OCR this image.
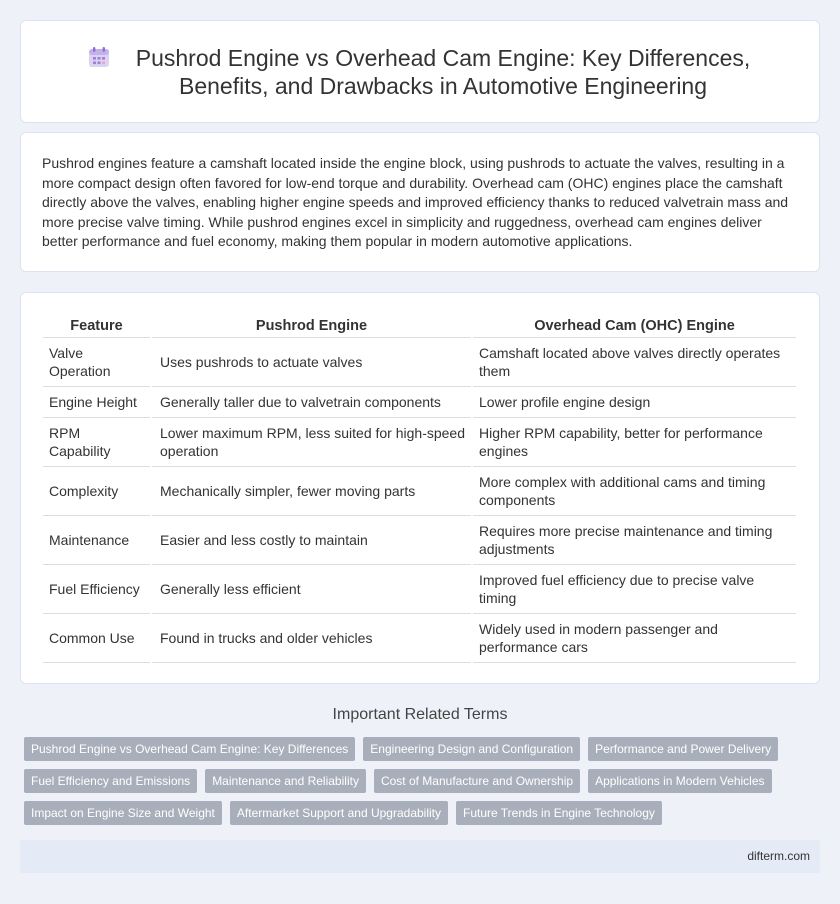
Pushrod Engine vs Overhead Cam Engine: Key Differences, Benefits, and Drawbacks in Automotive Engineering

Pushrod engines feature a camshaft located inside the engine block, using pushrods to actuate the valves, resulting in a more compact design often favored for low-end torque and durability. Overhead cam (OHC) engines place the camshaft directly above the valves, enabling higher engine speeds and improved efficiency thanks to reduced valvetrain mass and more precise valve timing. While pushrod engines excel in simplicity and ruggedness, overhead cam engines deliver better performance and fuel economy, making them popular in modern automotive applications.

Feature	Pushrod Engine	Overhead Cam (OHC) Engine
Valve Operation	Uses pushrods to actuate valves	Camshaft located above valves directly operates them
Engine Height	Generally taller due to valvetrain components	Lower profile engine design
RPM Capability	Lower maximum RPM, less suited for high-speed operation	Higher RPM capability, better for performance engines
Complexity	Mechanically simpler, fewer moving parts	More complex with additional cams and timing components
Maintenance	Easier and less costly to maintain	Requires more precise maintenance and timing adjustments
Fuel Efficiency	Generally less efficient	Improved fuel efficiency due to precise valve timing
Common Use	Found in trucks and older vehicles	Widely used in modern passenger and performance cars
Important Related Terms
Pushrod Engine vs Overhead Cam Engine: Key Differences	Engineering Design and Configuration	Performance and Power Delivery
Fuel Efficiency and Emissions	Maintenance and Reliability	Cost of Manufacture and Ownership	Applications in Modern Vehicles
Impact on Engine Size and Weight	Aftermarket Support and Upgradability	Future Trends in Engine Technology
difterm.com
